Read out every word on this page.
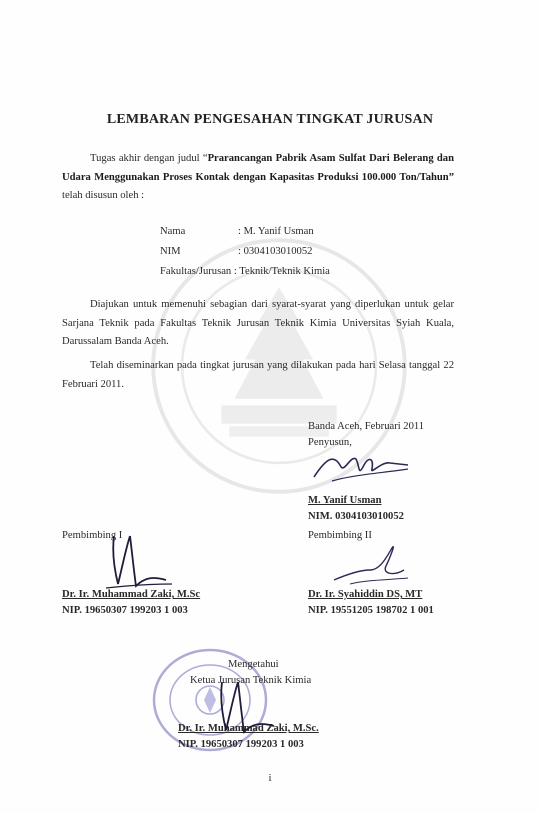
LEMBARAN PENGESAHAN TINGKAT JURUSAN
Tugas akhir dengan judul “Prarancangan Pabrik Asam Sulfat Dari Belerang dan Udara Menggunakan Proses Kontak dengan Kapasitas Produksi 100.000 Ton/Tahun” telah disusun oleh :
Nama	: M. Yanif Usman
NIM	: 0304103010052
Fakultas/Jurusan : Teknik/Teknik Kimia
Diajukan untuk memenuhi sebagian dari syarat-syarat yang diperlukan untuk gelar Sarjana Teknik pada Fakultas Teknik Jurusan Teknik Kimia Universitas Syiah Kuala, Darussalam Banda Aceh.
Telah diseminarkan pada tingkat jurusan yang dilakukan pada hari Selasa tanggal 22 Februari 2011.
Banda Aceh, Februari 2011
Penyusun,
M. Yanif Usman
NIM. 0304103010052
Pembimbing I
Dr. Ir. Muhammad Zaki, M.Sc
NIP. 19650307 199203 1 003
Pembimbing II
Dr. Ir. Syahiddin DS, MT
NIP. 19551205 198702 1 001
Mengetahui
Ketua Jurusan Teknik Kimia
Dr. Ir. Muhammad Zaki, M.Sc.
NIP. 19650307 199203 1 003
i
